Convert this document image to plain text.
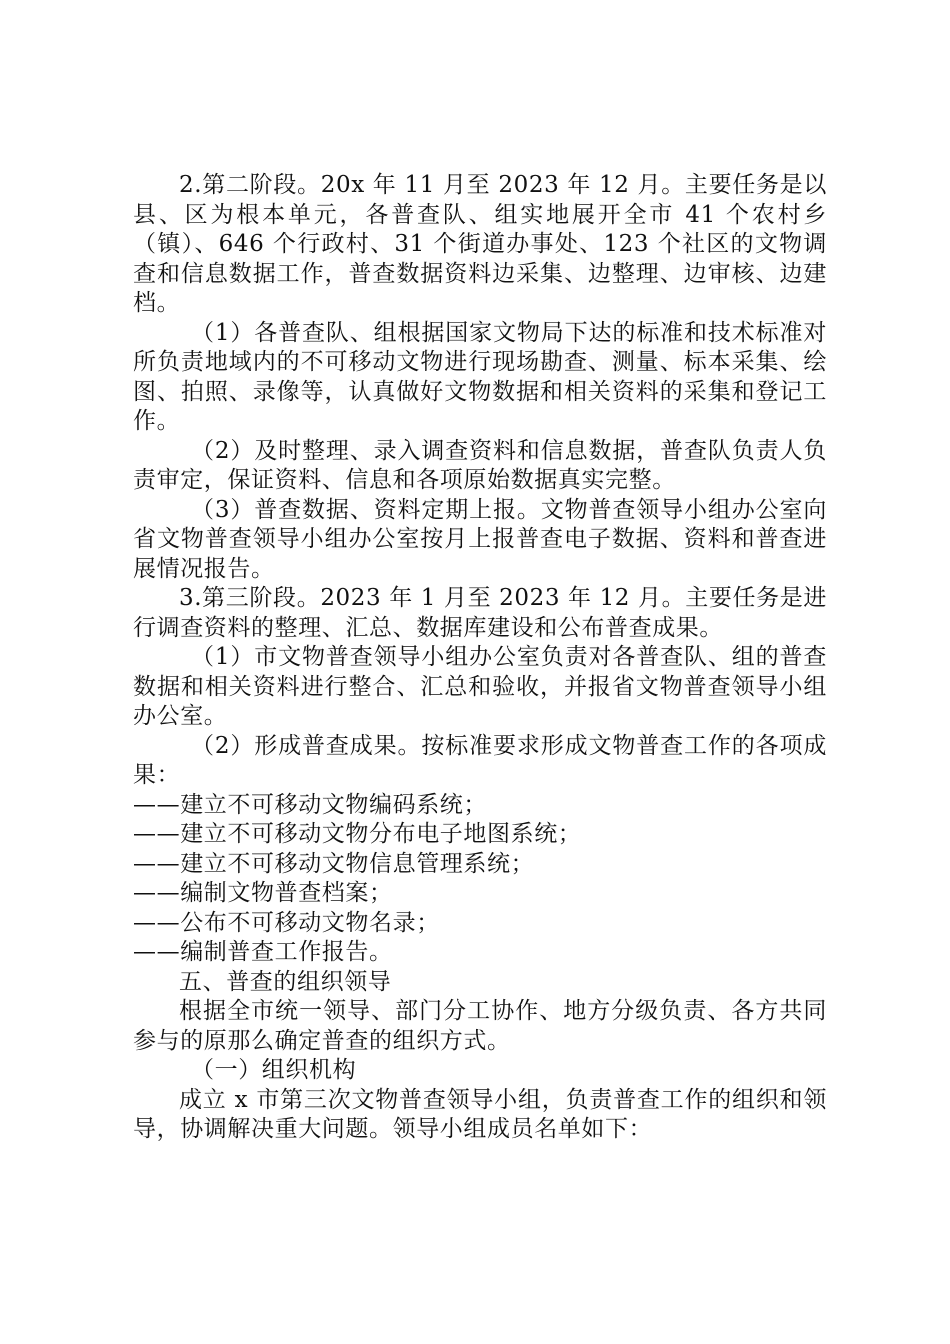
2.第二阶段。20x 年 11 月至 2023 年 12 月。主要任务是以县、区为根本单元，各普查队、组实地展开全市 41 个农村乡（镇）、646 个行政村、31 个街道办事处、123 个社区的文物调查和信息数据工作，普查数据资料边采集、边整理、边审核、边建档。

（1）各普查队、组根据国家文物局下达的标准和技术标准对所负责地域内的不可移动文物进行现场勘查、测量、标本采集、绘图、拍照、录像等，认真做好文物数据和相关资料的采集和登记工作。

（2）及时整理、录入调查资料和信息数据，普查队负责人负责审定，保证资料、信息和各项原始数据真实完整。

（3）普查数据、资料定期上报。文物普查领导小组办公室向省文物普查领导小组办公室按月上报普查电子数据、资料和普查进展情况报告。

3.第三阶段。2023 年 1 月至 2023 年 12 月。主要任务是进行调查资料的整理、汇总、数据库建设和公布普查成果。

（1）市文物普查领导小组办公室负责对各普查队、组的普查数据和相关资料进行整合、汇总和验收，并报省文物普查领导小组办公室。

（2）形成普查成果。按标准要求形成文物普查工作的各项成果：

——建立不可移动文物编码系统；

——建立不可移动文物分布电子地图系统；

——建立不可移动文物信息管理系统；

——编制文物普查档案；

——公布不可移动文物名录；

——编制普查工作报告。

五、普查的组织领导

根据全市统一领导、部门分工协作、地方分级负责、各方共同参与的原那么确定普查的组织方式。

（一）组织机构

成立 x 市第三次文物普查领导小组，负责普查工作的组织和领导，协调解决重大问题。领导小组成员名单如下：
